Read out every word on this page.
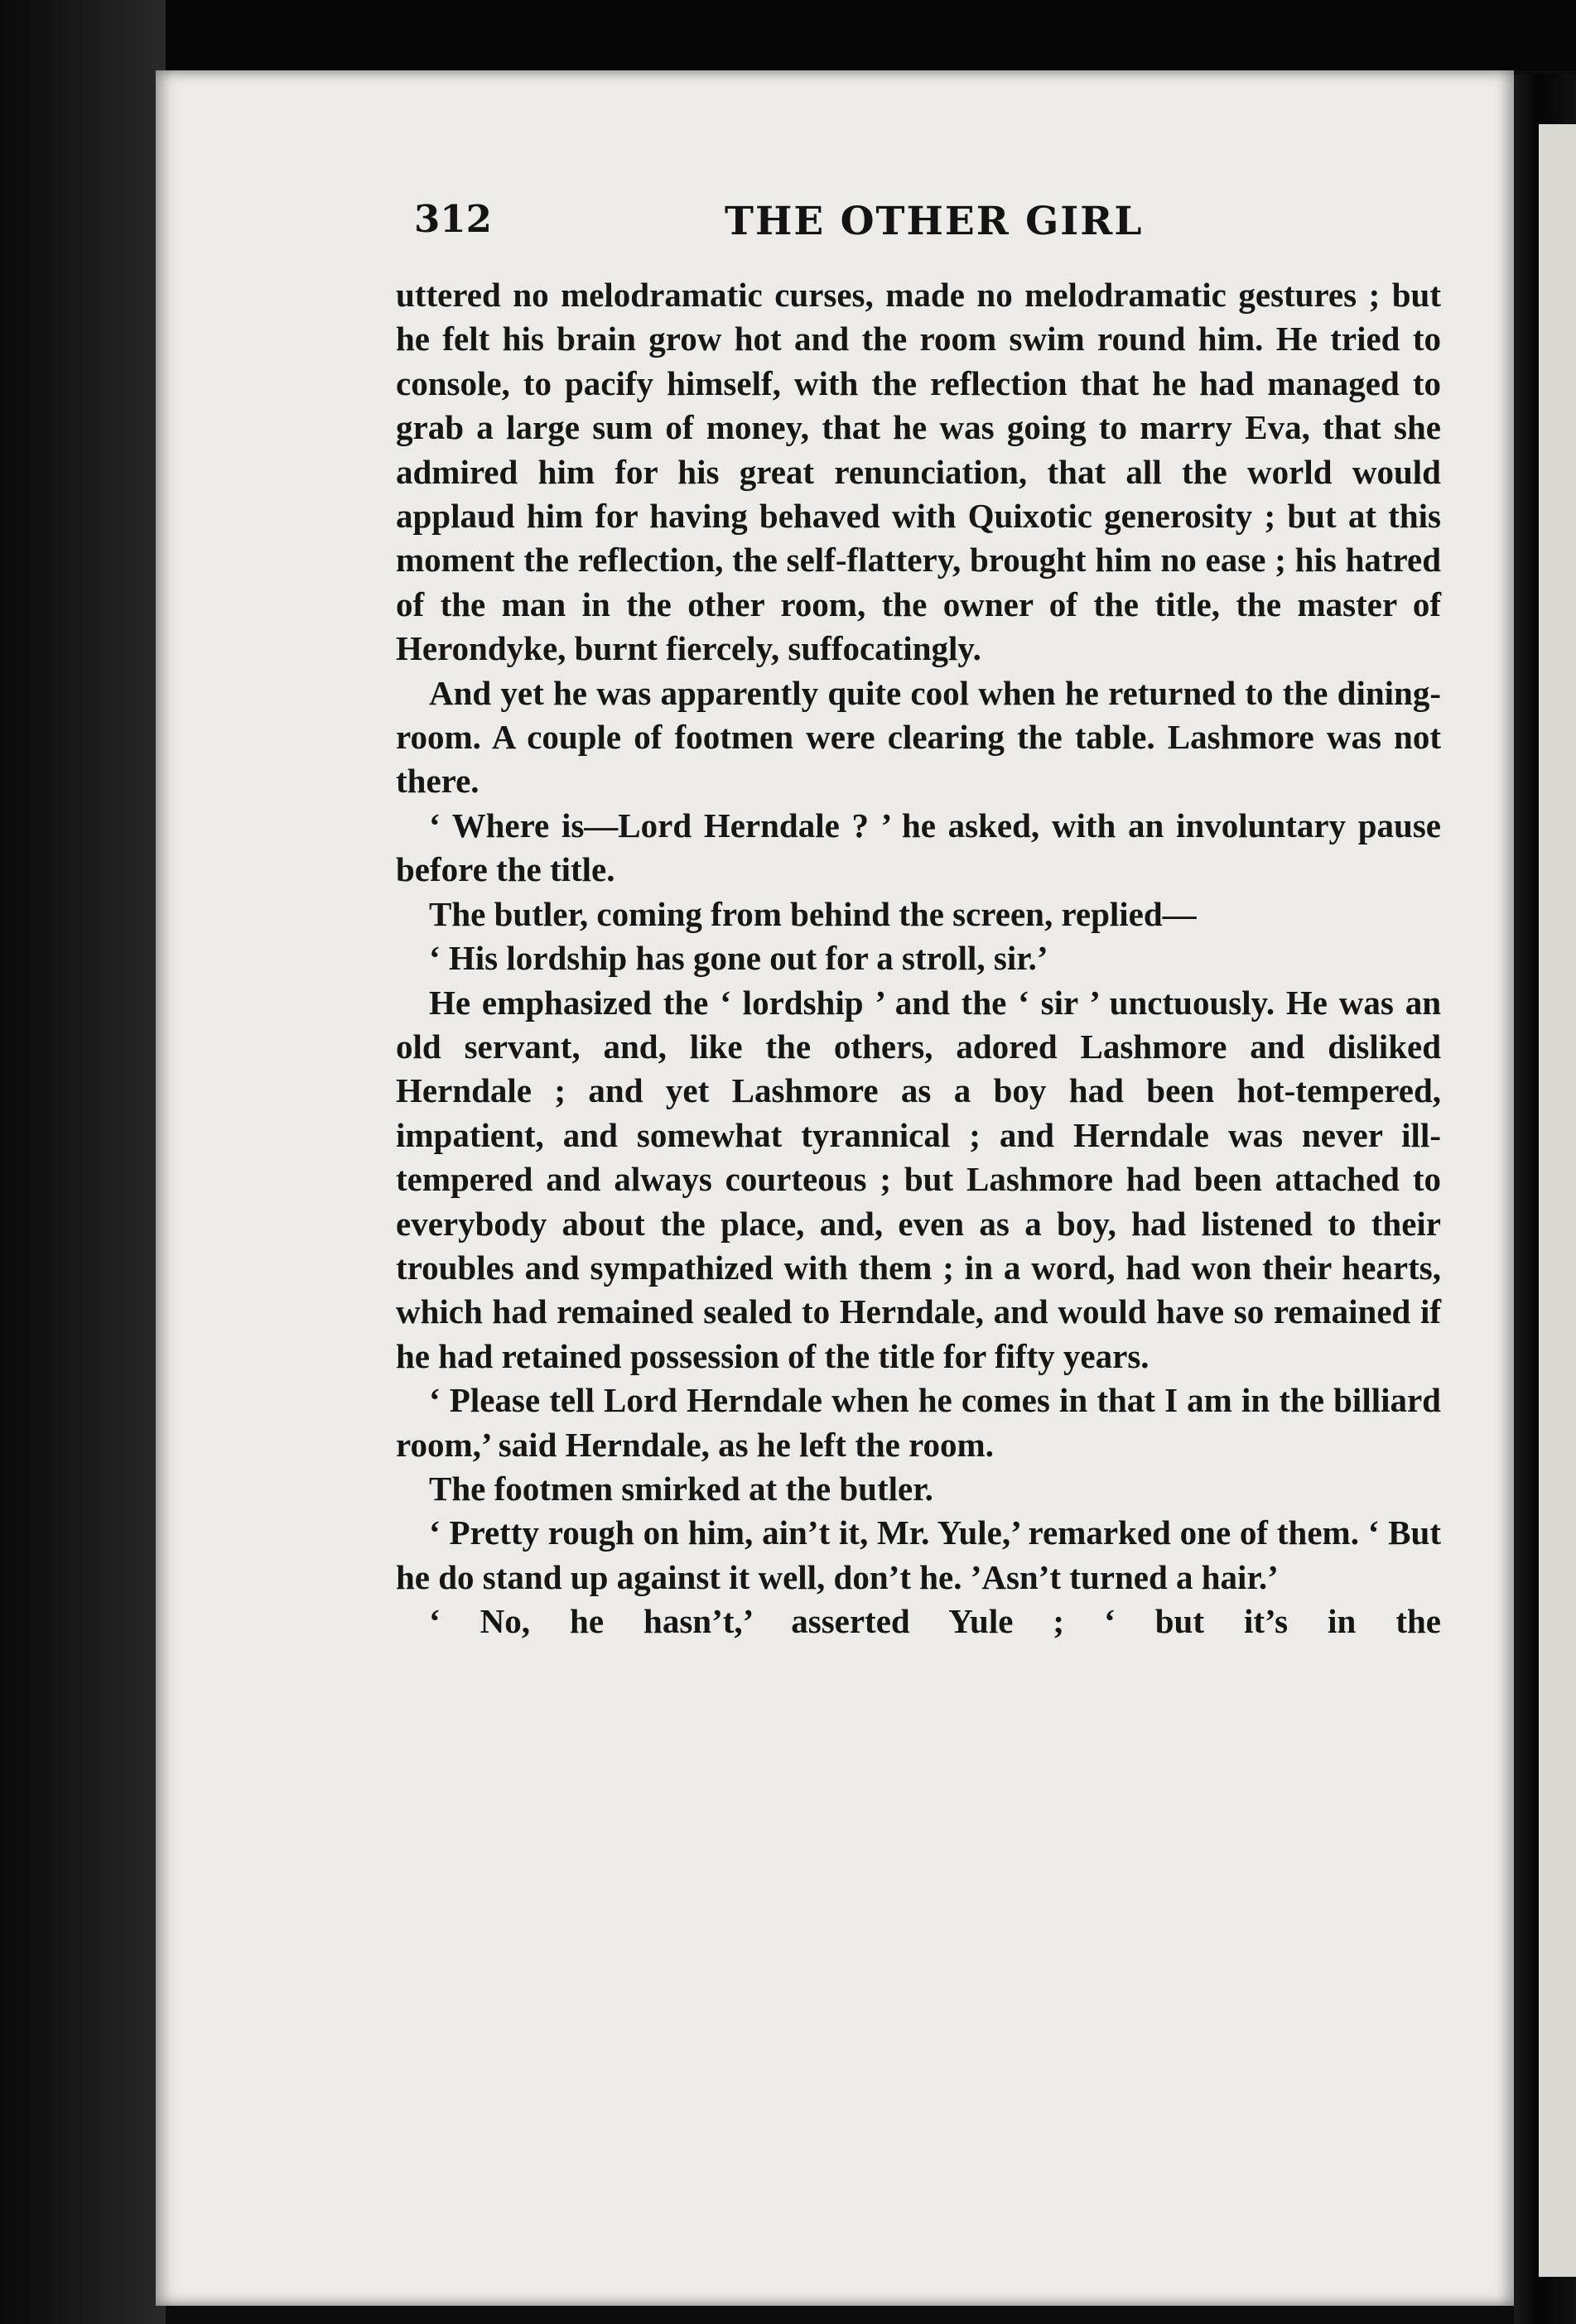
312	THE OTHER GIRL

uttered no melodramatic curses, made no melodramatic gestures ; but he felt his brain grow hot and the room swim round him. He tried to console, to pacify himself, with the reflection that he had managed to grab a large sum of money, that he was going to marry Eva, that she admired him for his great renunciation, that all the world would applaud him for having behaved with Quixotic generosity ; but at this moment the reflection, the self-flattery, brought him no ease ; his hatred of the man in the other room, the owner of the title, the master of Herondyke, burnt fiercely, suffocatingly.

And yet he was apparently quite cool when he returned to the dining-room. A couple of footmen were clearing the table. Lashmore was not there.

‘ Where is—Lord Herndale ? ’ he asked, with an involuntary pause before the title.

The butler, coming from behind the screen, replied—

‘ His lordship has gone out for a stroll, sir.’

He emphasized the ‘ lordship ’ and the ‘ sir ’ unctuously. He was an old servant, and, like the others, adored Lashmore and disliked Herndale ; and yet Lashmore as a boy had been hot-tempered, impatient, and somewhat tyrannical ; and Herndale was never ill-tempered and always courteous ; but Lashmore had been attached to everybody about the place, and, even as a boy, had listened to their troubles and sympathized with them ; in a word, had won their hearts, which had remained sealed to Herndale, and would have so remained if he had retained possession of the title for fifty years.

‘ Please tell Lord Herndale when he comes in that I am in the billiard room,’ said Herndale, as he left the room.

The footmen smirked at the butler.

‘ Pretty rough on him, ain’t it, Mr. Yule,’ remarked one of them. ‘ But he do stand up against it well, don’t he. ’Asn’t turned a hair.’

‘ No, he hasn’t,’ asserted Yule ; ‘ but it’s in the
